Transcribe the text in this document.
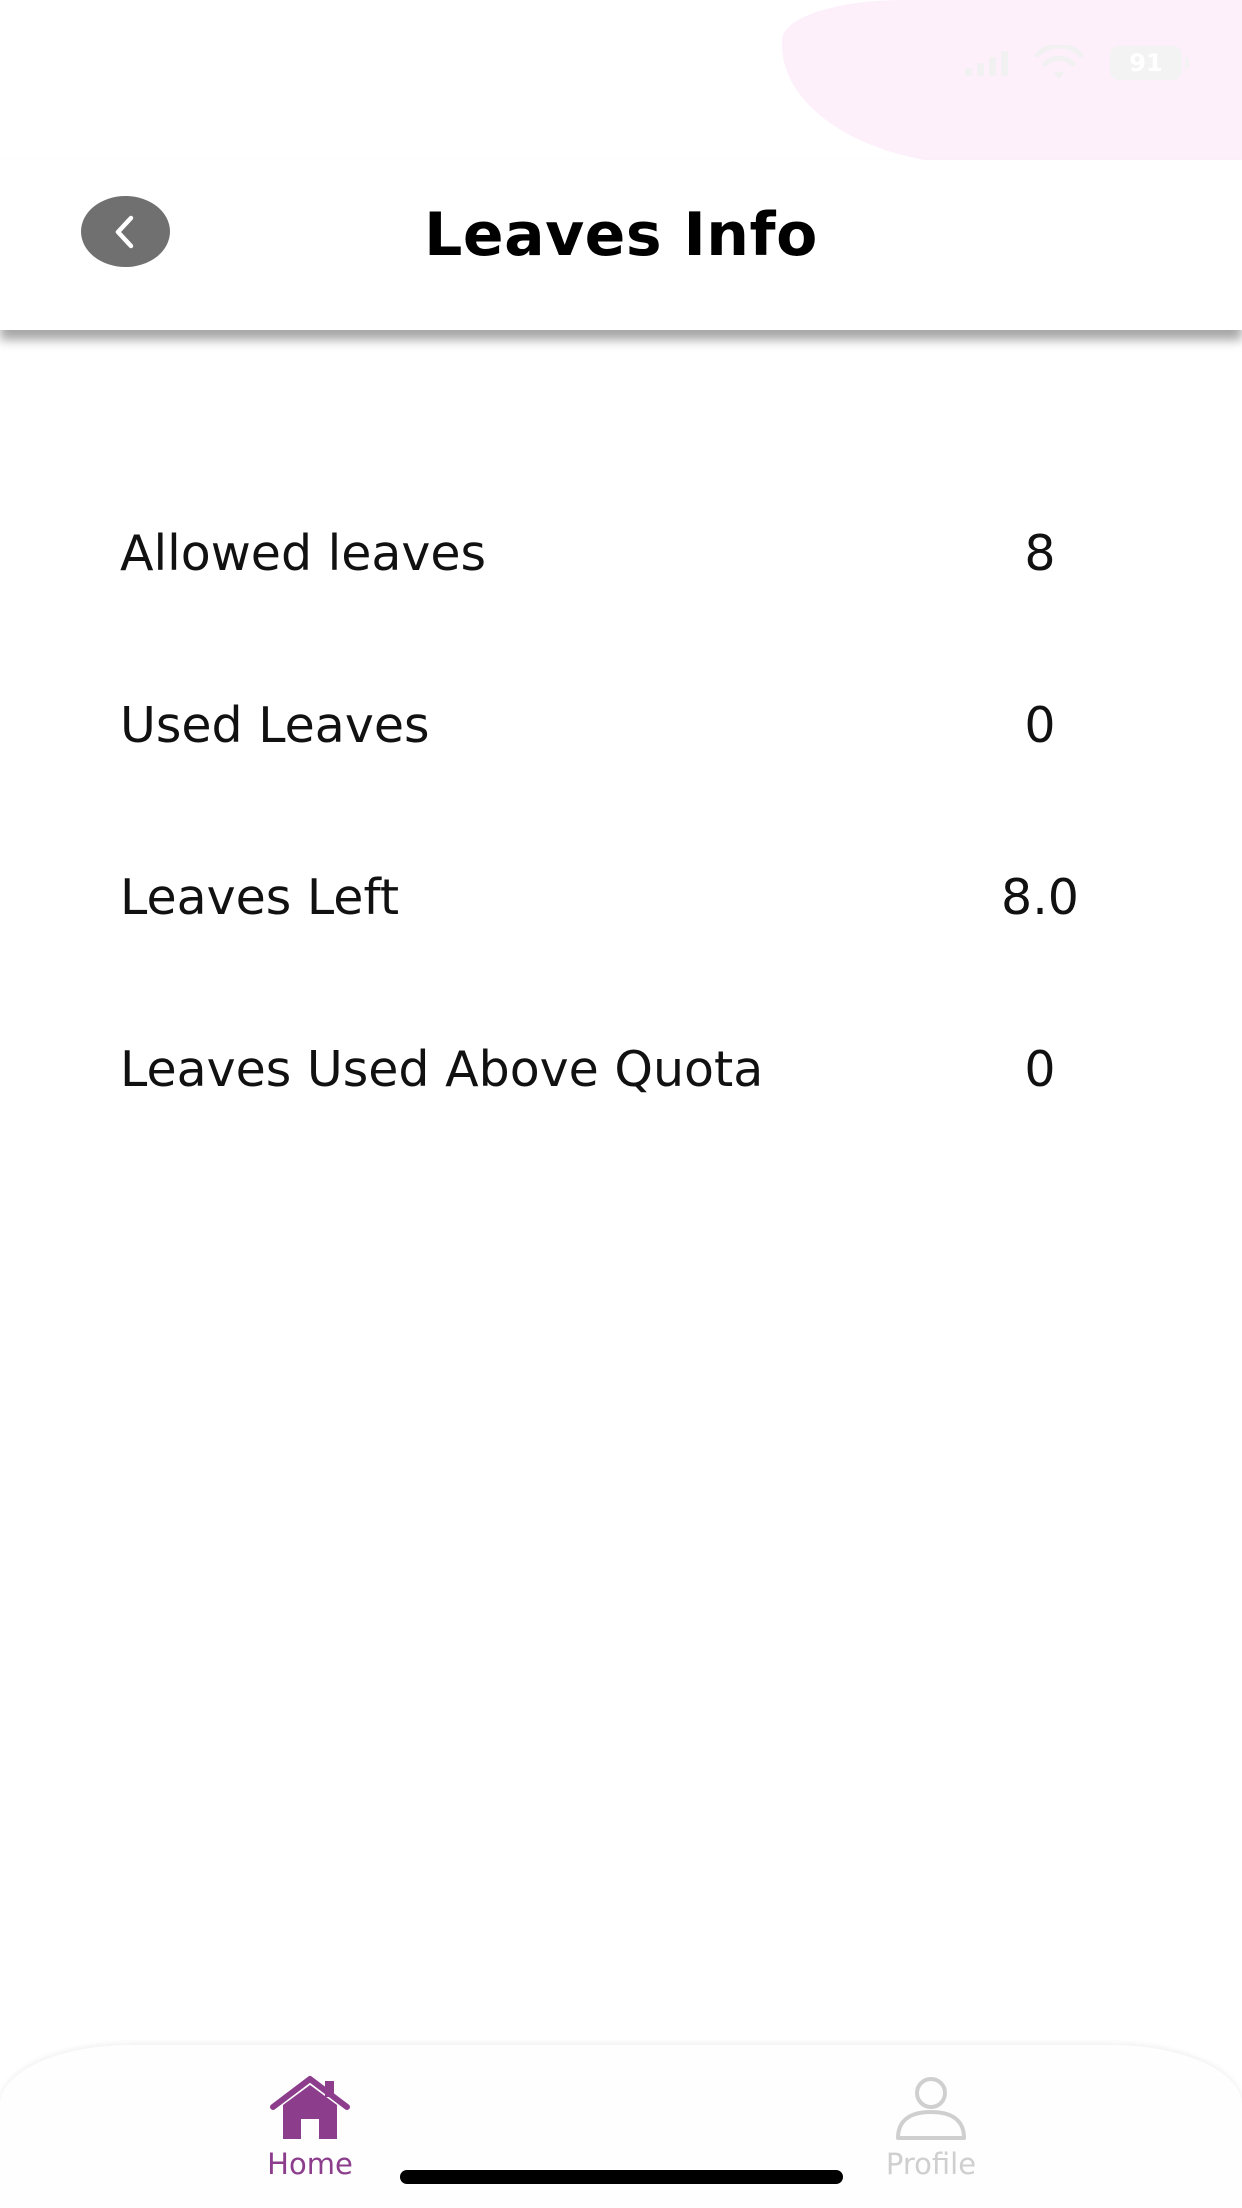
91
Leaves Info
Allowed leaves	8
Used Leaves	0
Leaves Left	8.0
Leaves Used Above Quota	0
Home	Profile
